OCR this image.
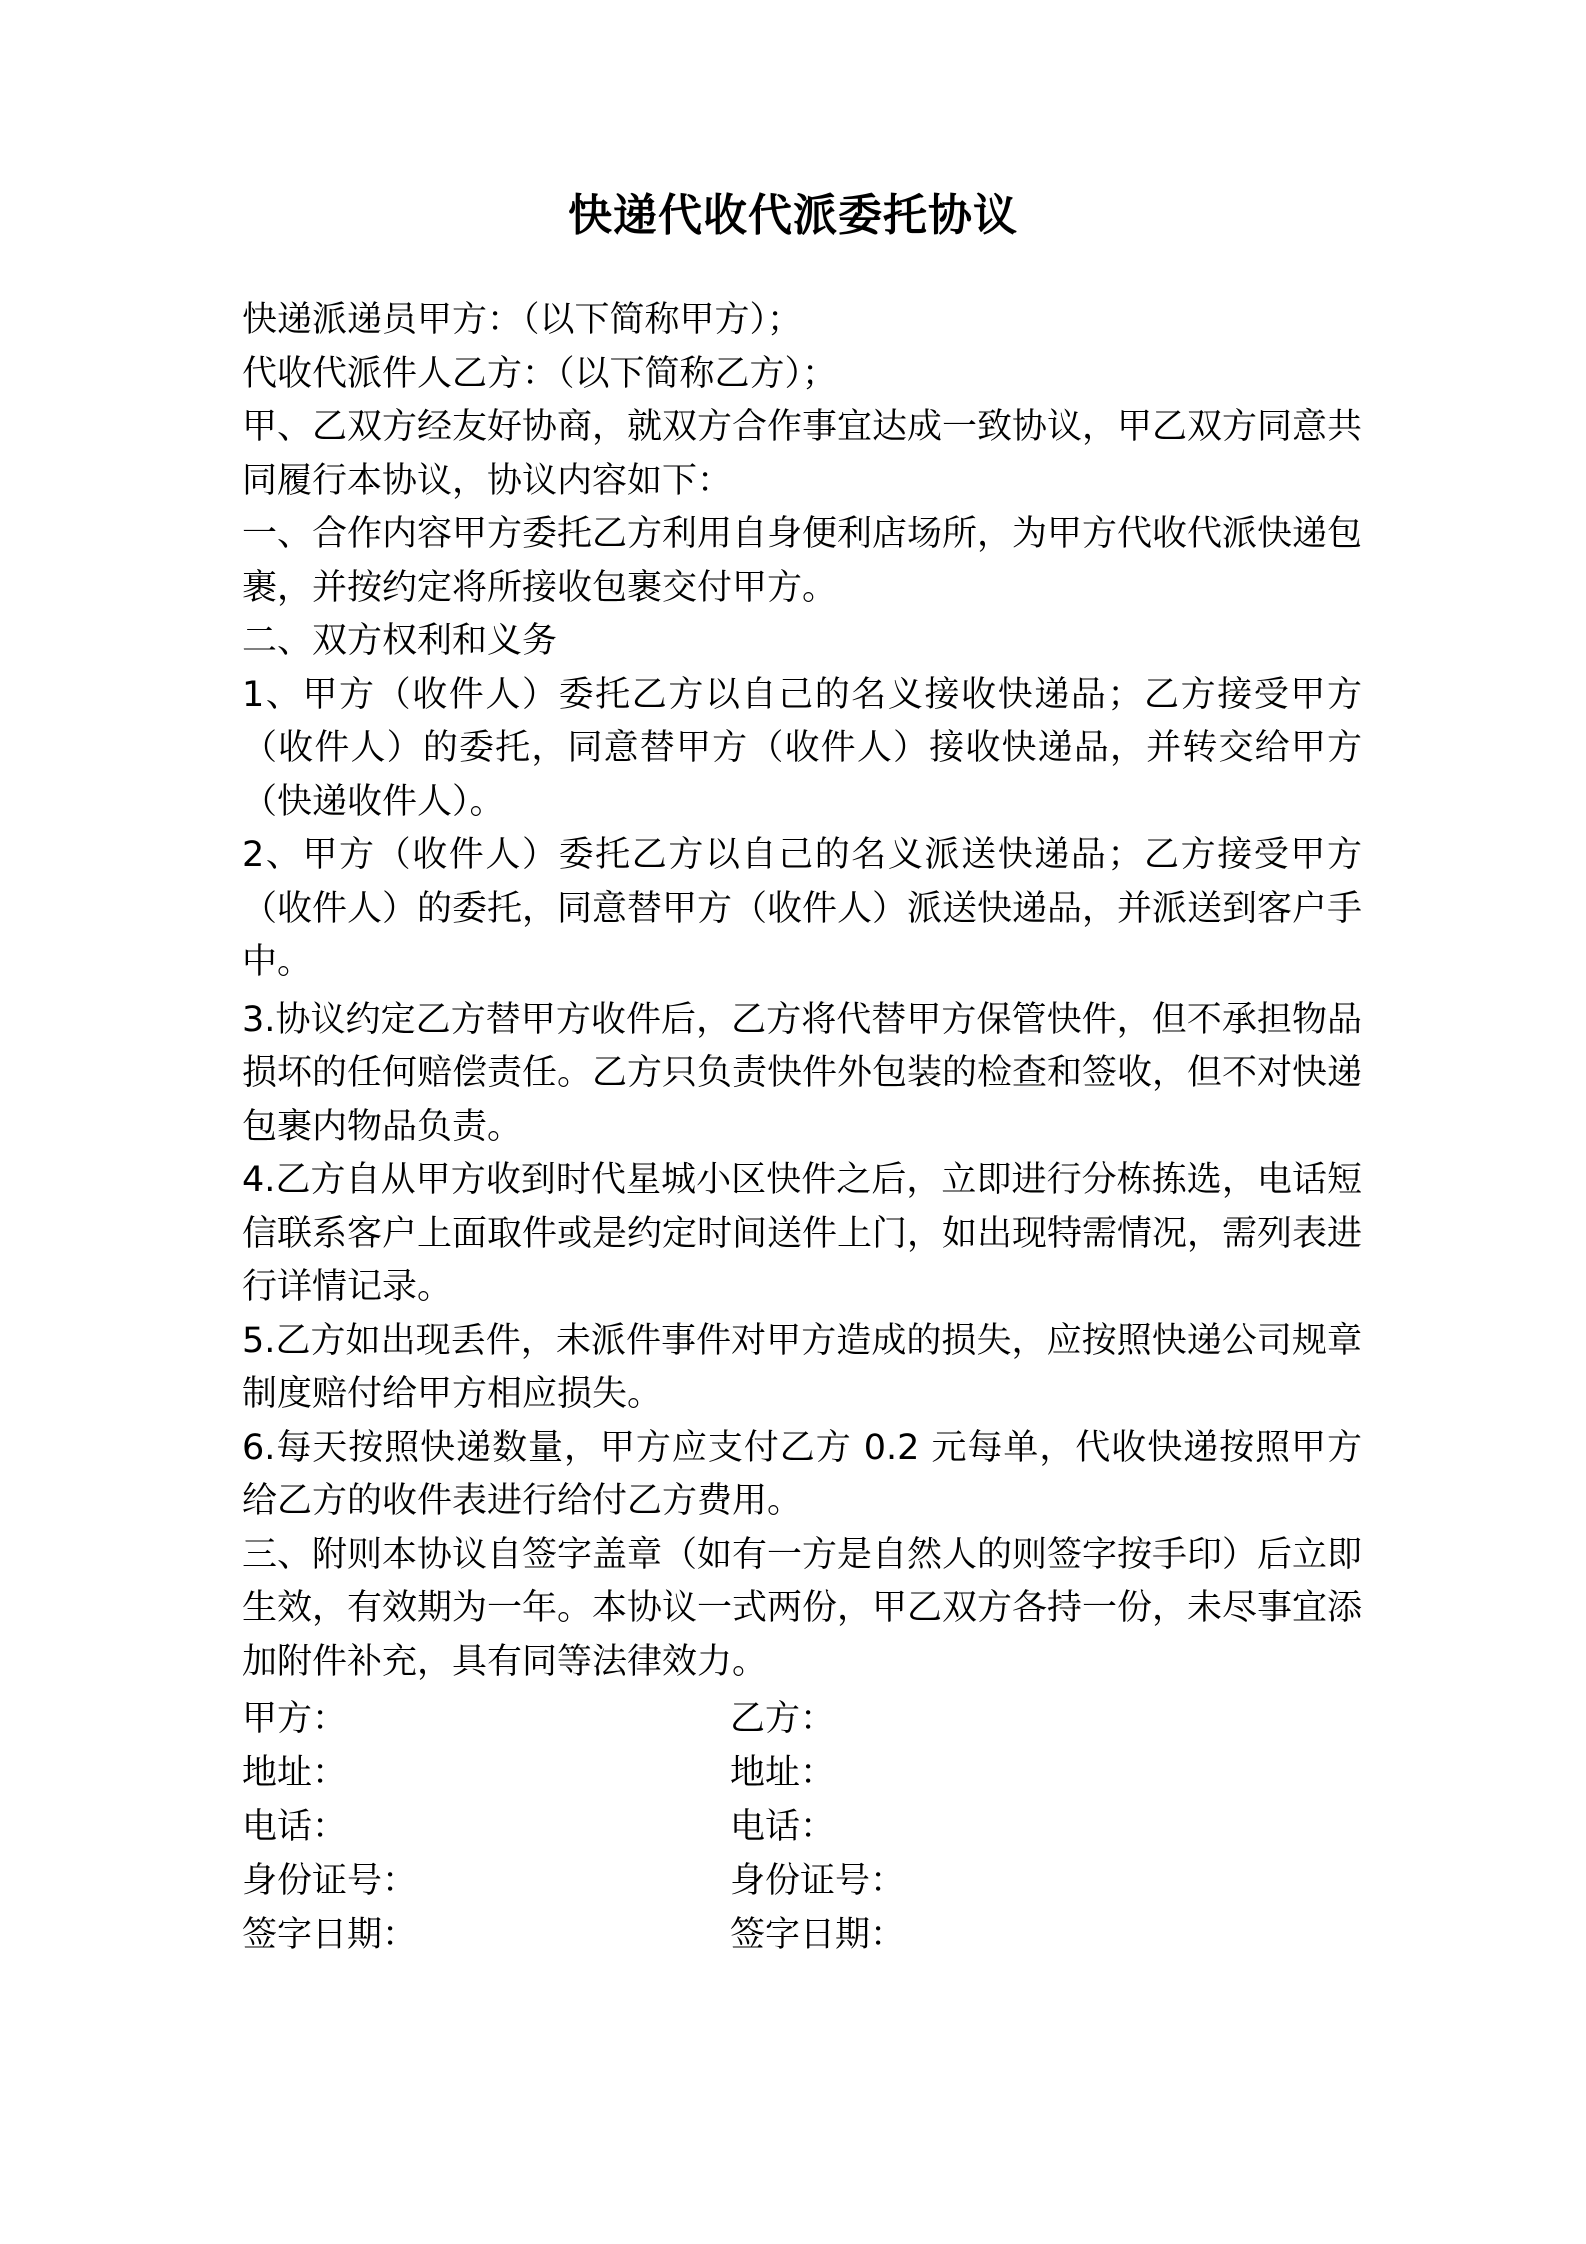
快递代收代派委托协议

快递派递员甲方：（以下简称甲方）；

代收代派件人乙方：（以下简称乙方）；

甲、乙双方经友好协商，就双方合作事宜达成一致协议，甲乙双方同意共同履行本协议，协议内容如下：

一、合作内容甲方委托乙方利用自身便利店场所，为甲方代收代派快递包裹，并按约定将所接收包裹交付甲方。

二、双方权利和义务

1、甲方（收件人）委托乙方以自己的名义接收快递品；乙方接受甲方（收件人）的委托，同意替甲方（收件人）接收快递品，并转交给甲方（快递收件人）。

2、甲方（收件人）委托乙方以自己的名义派送快递品；乙方接受甲方（收件人）的委托，同意替甲方（收件人）派送快递品，并派送到客户手中。

3.协议约定乙方替甲方收件后，乙方将代替甲方保管快件，但不承担物品损坏的任何赔偿责任。乙方只负责快件外包装的检查和签收，但不对快递包裹内物品负责。

4.乙方自从甲方收到时代星城小区快件之后，立即进行分栋拣选，电话短信联系客户上面取件或是约定时间送件上门，如出现特需情况，需列表进行详情记录。

5.乙方如出现丢件，未派件事件对甲方造成的损失，应按照快递公司规章制度赔付给甲方相应损失。

6.每天按照快递数量，甲方应支付乙方 0.2 元每单，代收快递按照甲方给乙方的收件表进行给付乙方费用。

三、附则本协议自签字盖章（如有一方是自然人的则签字按手印）后立即生效，有效期为一年。本协议一式两份，甲乙双方各持一份，未尽事宜添加附件补充，具有同等法律效力。

甲方：	乙方：
地址：	地址：
电话：	电话：
身份证号：	身份证号：
签字日期：	签字日期：
